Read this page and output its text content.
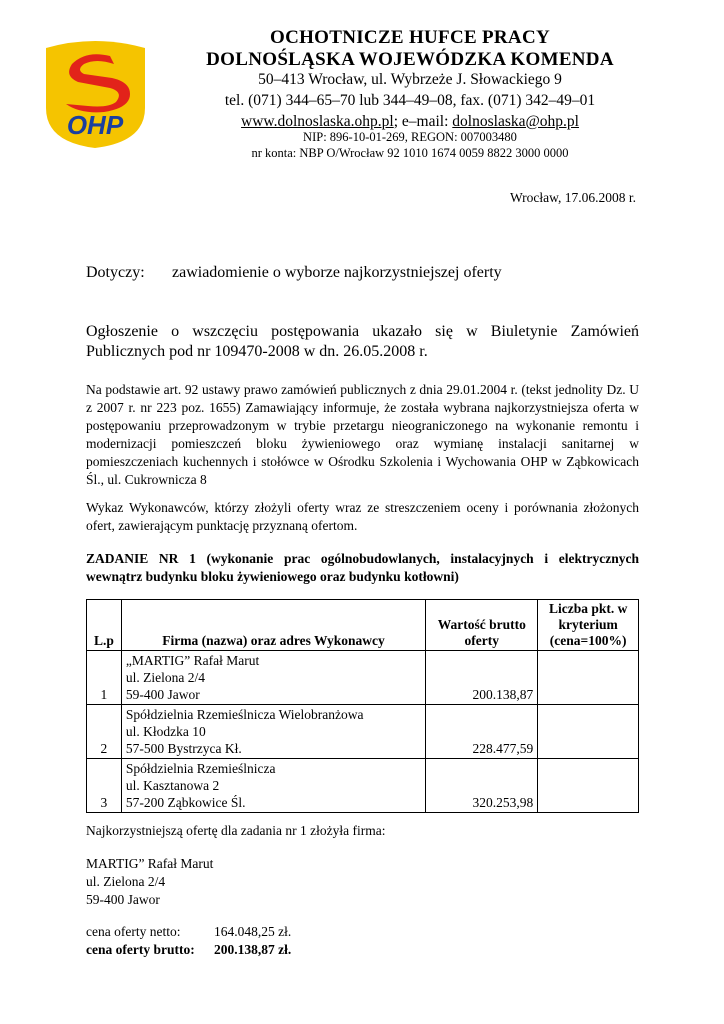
OHP
OCHOTNICZE HUFCE PRACY
DOLNOŚLĄSKA WOJEWÓDZKA KOMENDA
50–413 Wrocław, ul. Wybrzeże J. Słowackiego 9
tel. (071) 344–65–70 lub 344–49–08, fax. (071) 342–49–01
www.dolnoslaska.ohp.pl; e–mail: dolnoslaska@ohp.pl
NIP: 896-10-01-269, REGON: 007003480
nr konta: NBP O/Wrocław 92 1010 1674 0059 8822 3000 0000
Wrocław, 17.06.2008 r.
Dotyczy: zawiadomienie o wyborze najkorzystniejszej oferty
Ogłoszenie o wszczęciu postępowania ukazało się w Biuletynie Zamówień Publicznych pod nr 109470-2008 w dn. 26.05.2008 r.
Na podstawie art. 92 ustawy prawo zamówień publicznych z dnia 29.01.2004 r. (tekst jednolity Dz. U z 2007 r. nr 223 poz. 1655) Zamawiający informuje, że została wybrana najkorzystniejsza oferta w postępowaniu przeprowadzonym w trybie przetargu nieograniczonego na wykonanie remontu i modernizacji pomieszczeń bloku żywieniowego oraz wymianę instalacji sanitarnej w pomieszczeniach kuchennych i stołówce w Ośrodku Szkolenia i Wychowania OHP w Ząbkowicach Śl., ul. Cukrownicza 8
Wykaz Wykonawców, którzy złożyli oferty wraz ze streszczeniem oceny i porównania złożonych ofert, zawierającym punktację przyznaną ofertom.
ZADANIE NR 1 (wykonanie prac ogólnobudowlanych, instalacyjnych i elektrycznych wewnątrz budynku bloku żywieniowego oraz budynku kotłowni)
L.p	Firma (nazwa) oraz adres Wykonawcy	Wartość brutto oferty	Liczba pkt. w kryterium (cena=100%)
1	„MARTIG” Rafał Marut
ul. Zielona 2/4
59-400 Jawor	200.138,87	
2	Spółdzielnia Rzemieślnicza Wielobranżowa
ul. Kłodzka 10
57-500 Bystrzyca Kł.	228.477,59	
3	Spółdzielnia Rzemieślnicza
ul. Kasztanowa 2
57-200 Ząbkowice Śl.	320.253,98	
Najkorzystniejszą ofertę dla zadania nr 1 złożyła firma:
MARTIG” Rafał Marut
ul. Zielona 2/4
59-400 Jawor
cena oferty netto: 164.048,25 zł.
cena oferty brutto: 200.138,87 zł.
